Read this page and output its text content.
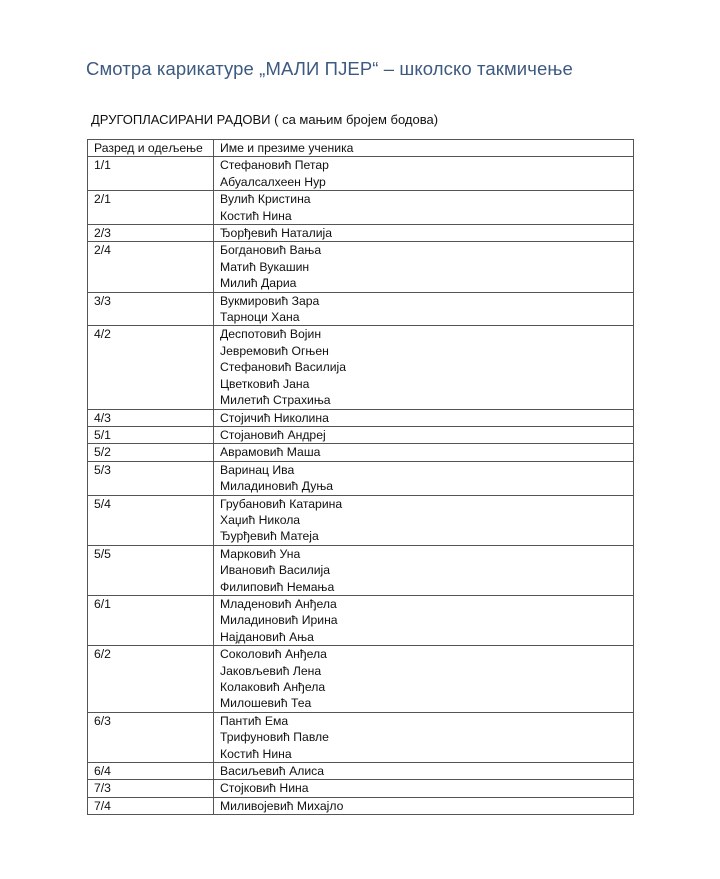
Смотра карикатуре „МАЛИ ПЈЕР“ – школско такмичење
ДРУГОПЛАСИРАНИ РАДОВИ ( са мањим бројем бодова)
Разред и одељење	Име и презиме ученика
1/1	Стефановић Петар
Абуалсалхеен Нур

2/1	Вулић Кристина
Костић Нина

2/3	Ђорђевић Наталија

2/4	Богдановић Вања
Матић Вукашин
Милић Дариа

3/3	Вукмировић Зара
Тарноци Хана

4/2	Деспотовић Војин
Јевремовић Огњен
Стефановић Василија
Цветковић Јана
Милетић Страхиња

4/3	Стојичић Николина

5/1	Стојановић Андреј

5/2	Аврамовић Маша

5/3	Варинац Ива
Миладиновић Дуња

5/4	Грубановић Катарина
Хаџић Никола
Ђурђевић Матеја

5/5	Марковић Уна
Ивановић Василија
Филиповић Немања

6/1	Младеновић Анђела
Миладиновић Ирина
Најдановић Ања

6/2	Соколовић Анђела
Јаковљевић Лена
Колаковић Анђела
Милошевић Теа

6/3	Пантић Ема
Трифуновић Павле
Костић Нина

6/4	Васиљевић Алиса

7/3	Стојковић Нина

7/4	Миливојевић Михајло
